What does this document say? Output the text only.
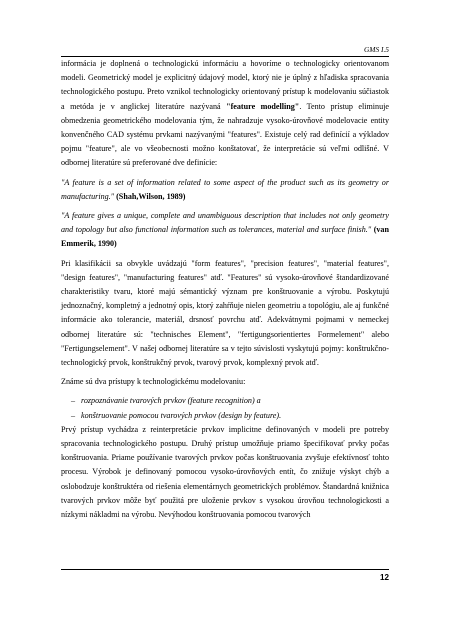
GMS I.5

informácia je doplnená o technologickú informáciu a hovoríme o technologicky orientovanom modeli. Geometrický model je explicitný údajový model, ktorý nie je úplný z hľadiska spracovania technologického postupu. Preto vznikol technologicky orientovaný prístup k modelovaniu súčiastok a metóda je v anglickej literatúre nazývaná "feature modelling". Tento prístup eliminuje obmedzenia geometrického modelovania tým, že nahradzuje vysoko-úrovňové modelovacie entity konvenčného CAD systému prvkami nazývanými "features". Existuje celý rad definícií a výkladov pojmu "feature", ale vo všeobecnosti možno konštatovať, že interpretácie sú veľmi odlišné. V odbornej literatúre sú preferované dve definície:

"A feature is a set of information related to some aspect of the product such as its geometry or manufacturing." (Shah,Wilson, 1989)

"A feature gives a unique, complete and unambiguous description that includes not only geometry and topology but also functional information such as tolerances, material and surface finish." (van Emmerik, 1990)

Pri klasifikácii sa obvykle uvádzajú "form features", "precision features", "material features", "design features", "manufacturing features" atď. "Features" sú vysoko-úrovňové štandardizované charakteristiky tvaru, ktoré majú sémantický význam pre konštruovanie a výrobu. Poskytujú jednoznačný, kompletný a jednotný opis, ktorý zahŕňuje nielen geometriu a topológiu, ale aj funkčné informácie ako tolerancie, materiál, drsnosť povrchu atď. Adekvátnymi pojmami v nemeckej odbornej literatúre sú: "technisches Element", "fertigungsorientiertes Formelement" alebo "Fertigungselement". V našej odbornej literatúre sa v tejto súvislosti vyskytujú pojmy: konštrukčno-technologický prvok, konštrukčný prvok, tvarový prvok, komplexný prvok atď.

Známe sú dva prístupy k technologickému modelovaniu:

– rozpoznávanie tvarových prvkov (feature recognition) a
– konštruovanie pomocou tvarových prvkov (design by feature).

Prvý prístup vychádza z reinterpretácie prvkov implicitne definovaných v modeli pre potreby spracovania technologického postupu. Druhý prístup umožňuje priamo špecifikovať prvky počas konštruovania. Priame používanie tvarových prvkov počas konštruovania zvyšuje efektívnosť tohto procesu. Výrobok je definovaný pomocou vysoko-úrovňových entít, čo znižuje výskyt chýb a oslobodzuje konštruktéra od riešenia elementárnych geometrických problémov. Štandardná knižnica tvarových prvkov môže byť použitá pre uloženie prvkov s vysokou úrovňou technologickosti a nízkymi nákladmi na výrobu. Nevýhodou konštruovania pomocou tvarových

12
